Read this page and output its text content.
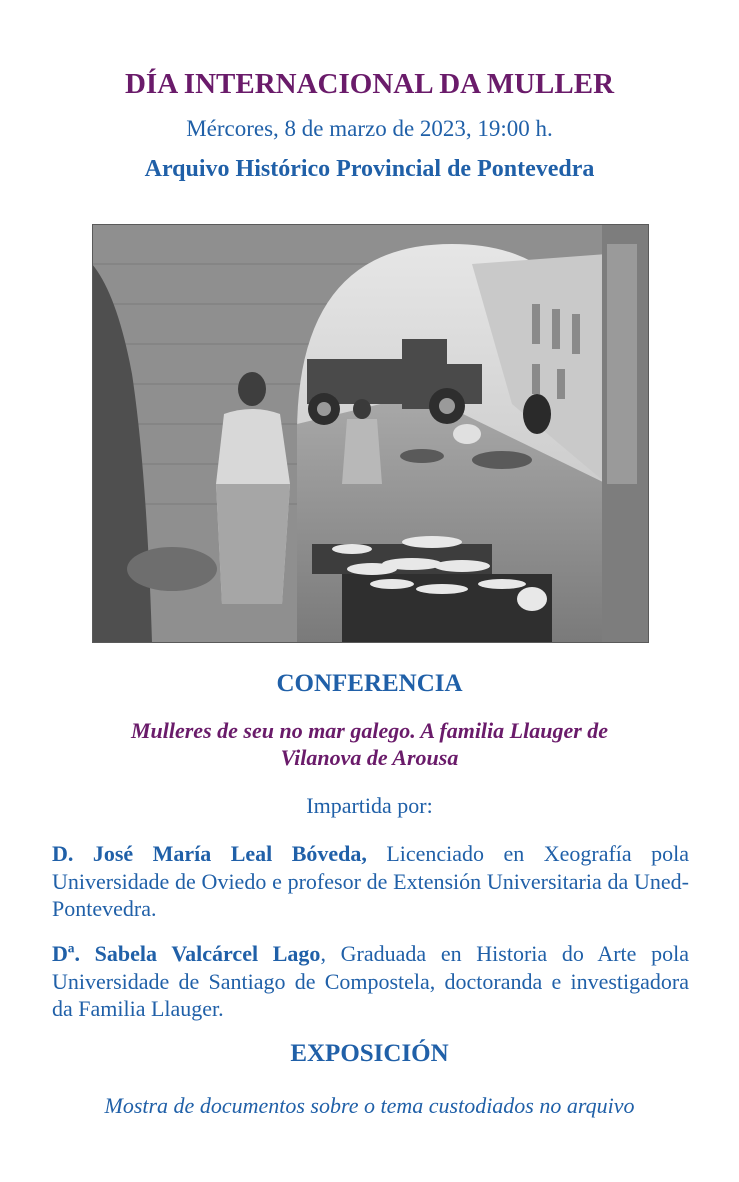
DÍA INTERNACIONAL DA MULLER
Mércores, 8 de marzo de 2023, 19:00 h.
Arquivo Histórico Provincial de Pontevedra
CONFERENCIA
Mulleres de seu no mar galego. A familia Llauger de Vilanova de Arousa
Impartida por:
D. José María Leal Bóveda, Licenciado en Xeografía pola Universidade de Oviedo e profesor de Extensión Universitaria da Uned-Pontevedra.
Dª. Sabela Valcárcel Lago, Graduada en Historia do Arte pola Universidade de Santiago de Compostela, doctoranda e investigadora da Familia Llauger.
EXPOSICIÓN
Mostra de documentos sobre o tema custodiados no arquivo
